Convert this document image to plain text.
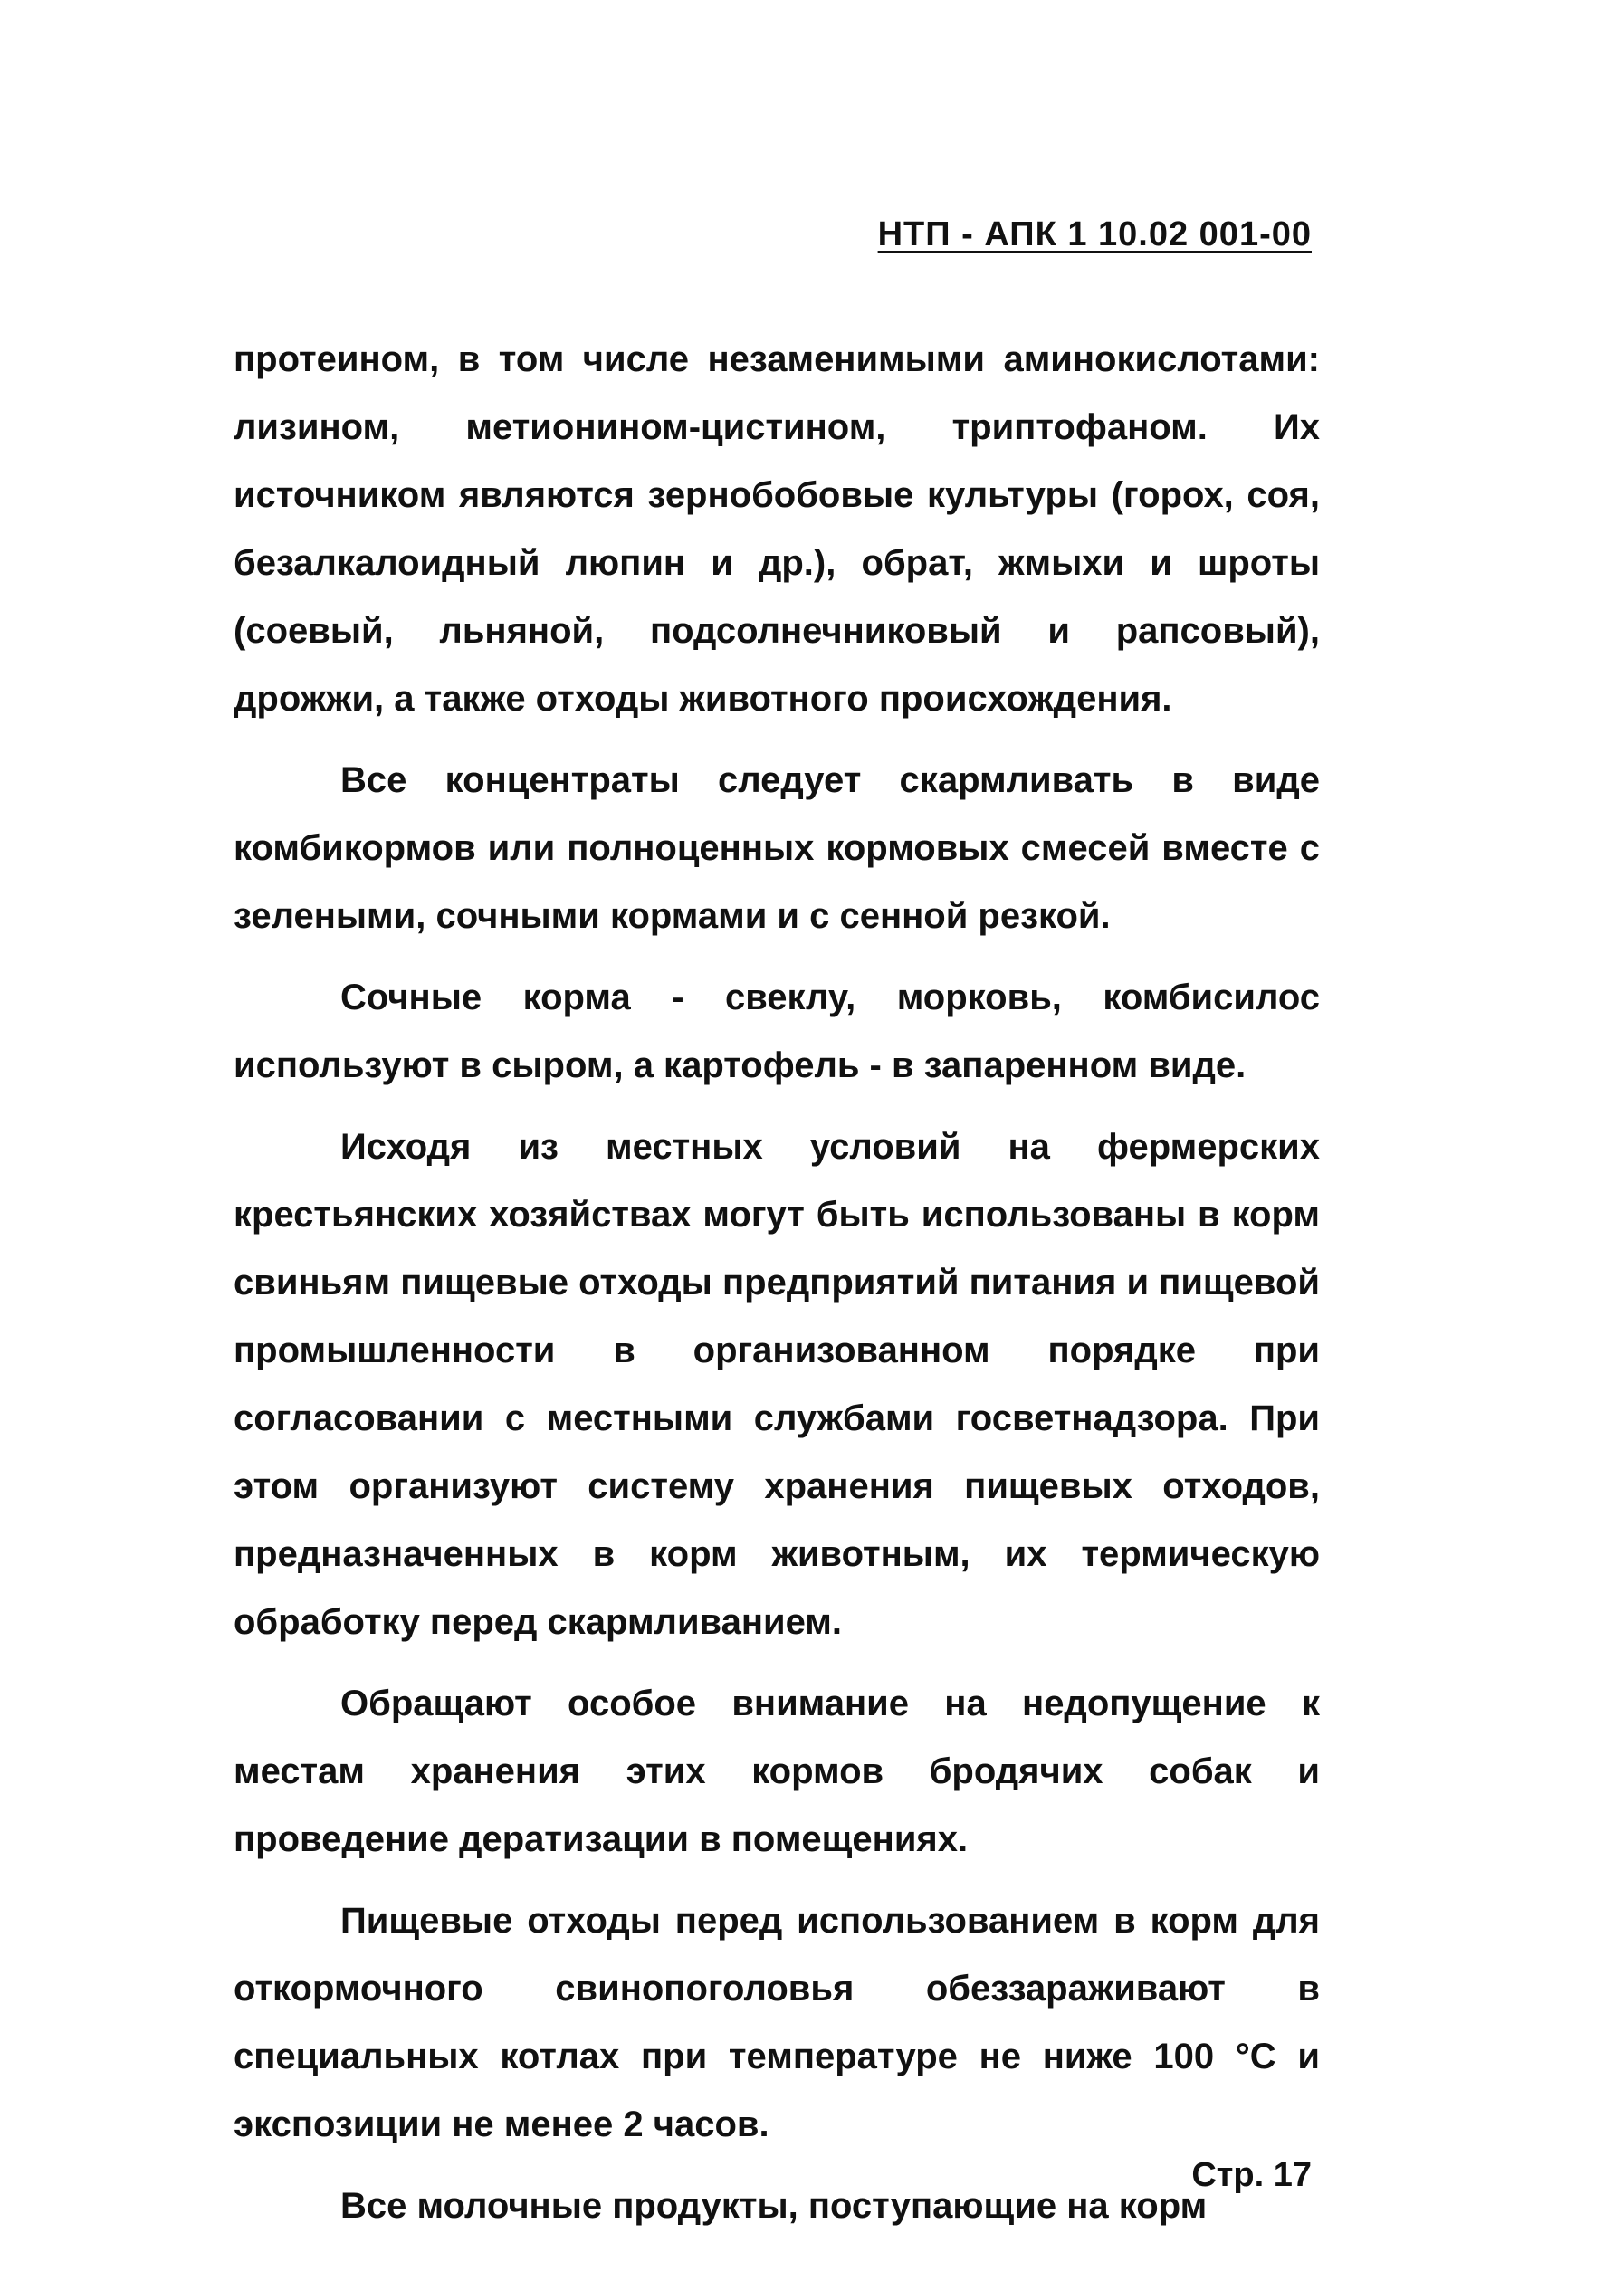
НТП - АПК 1 10.02 001-00

протеином, в том числе незаменимыми аминокислотами: лизином, метионином-цистином, триптофаном. Их источником являются зернобобовые культуры (горох, соя, безалкалоидный люпин и др.), обрат, жмыхи и шроты (соевый, льняной, подсолнечниковый и рапсовый), дрожжи, а также отходы животного происхождения.

Все концентраты следует скармливать в виде комбикормов или полноценных кормовых смесей вместе с зелеными, сочными кормами и с сенной резкой.

Сочные корма - свеклу, морковь, комбисилос используют в сыром, а картофель - в запаренном виде.

Исходя из местных условий на фермерских крестьянских хозяйствах могут быть использованы в корм свиньям пищевые отходы предприятий питания и пищевой промышленности в организованном порядке при согласовании с местными службами госветнадзора. При этом организуют систему хранения пищевых отходов, предназначенных в корм животным, их термическую обработку перед скармливанием.

Обращают особое внимание на недопущение к местам хранения этих кормов бродячих собак и проведение дератизации в помещениях.

Пищевые отходы перед использованием в корм для откормочного свинопоголовья обеззараживают в специальных котлах при температуре не ниже 100 °С и экспозиции не менее 2 часов.

Все молочные продукты, поступающие на корм

Стр. 17
